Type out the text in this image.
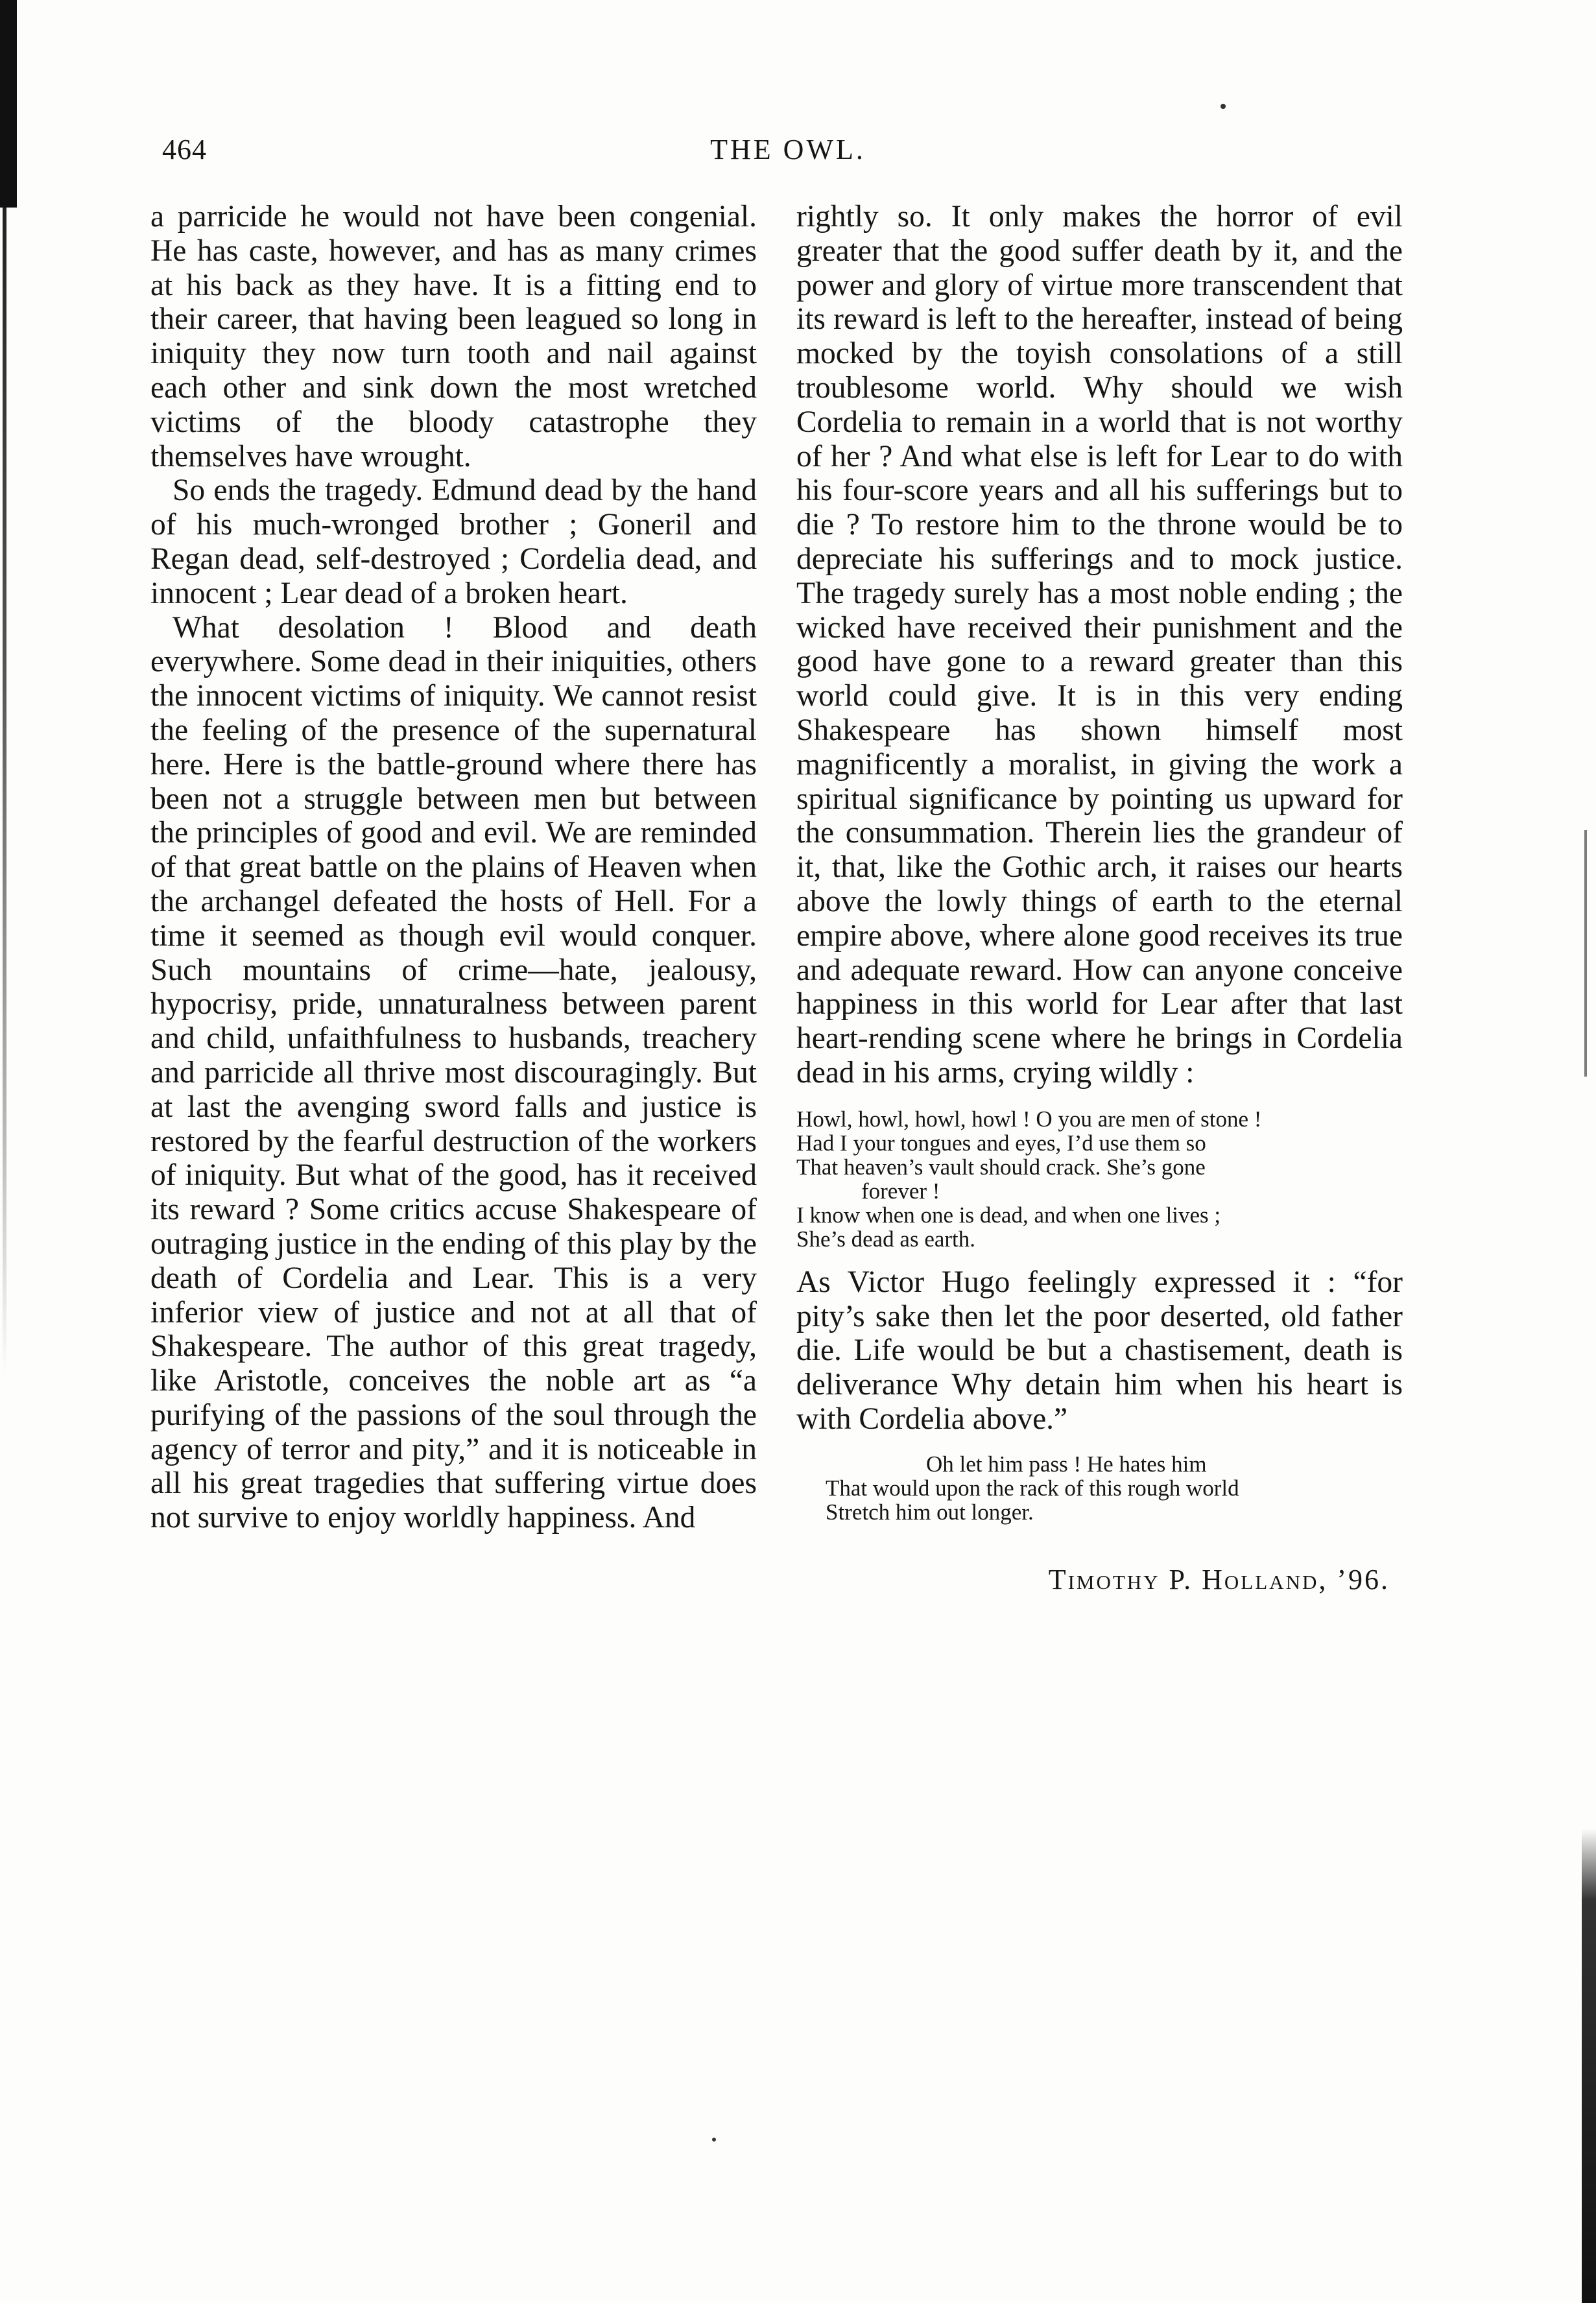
464	THE OWL.

a parricide he would not have been congenial. He has caste, however, and has as many crimes at his back as they have. It is a fitting end to their career, that having been leagued so long in iniquity they now turn tooth and nail against each other and sink down the most wretched victims of the bloody catastrophe they themselves have wrought.

So ends the tragedy. Edmund dead by the hand of his much-wronged brother ; Goneril and Regan dead, self-destroyed ; Cordelia dead, and innocent ; Lear dead of a broken heart.

What desolation ! Blood and death everywhere. Some dead in their iniquities, others the innocent victims of iniquity. We cannot resist the feeling of the presence of the supernatural here. Here is the battle-ground where there has been not a struggle between men but between the principles of good and evil. We are reminded of that great battle on the plains of Heaven when the archangel defeated the hosts of Hell. For a time it seemed as though evil would conquer. Such mountains of crime—hate, jealousy, hypocrisy, pride, unnaturalness between parent and child, unfaithfulness to husbands, treachery and parricide all thrive most discouragingly. But at last the avenging sword falls and justice is restored by the fearful destruction of the workers of iniquity. But what of the good, has it received its reward ? Some critics accuse Shakespeare of outraging justice in the ending of this play by the death of Cordelia and Lear. This is a very inferior view of justice and not at all that of Shakespeare. The author of this great tragedy, like Aristotle, conceives the noble art as “a purifying of the passions of the soul through the agency of terror and pity,” and it is noticeable in all his great tragedies that suffering virtue does not survive to enjoy worldly happiness. And

rightly so. It only makes the horror of evil greater that the good suffer death by it, and the power and glory of virtue more transcendent that its reward is left to the hereafter, instead of being mocked by the toyish consolations of a still troublesome world. Why should we wish Cordelia to remain in a world that is not worthy of her ? And what else is left for Lear to do with his four-score years and all his sufferings but to die ? To restore him to the throne would be to depreciate his sufferings and to mock justice. The tragedy surely has a most noble ending ; the wicked have received their punishment and the good have gone to a reward greater than this world could give. It is in this very ending Shakespeare has shown himself most magnificently a moralist, in giving the work a spiritual significance by pointing us upward for the consummation. Therein lies the grandeur of it, that, like the Gothic arch, it raises our hearts above the lowly things of earth to the eternal empire above, where alone good receives its true and adequate reward. How can anyone conceive happiness in this world for Lear after that last heart-rending scene where he brings in Cordelia dead in his arms, crying wildly :

Howl, howl, howl, howl ! O you are men of stone !
Had I your tongues and eyes, I’d use them so
That heaven’s vault should crack. She’s gone
forever !
I know when one is dead, and when one lives ;
She’s dead as earth.

As Victor Hugo feelingly expressed it : “for pity’s sake then let the poor deserted, old father die. Life would be but a chastisement, death is deliverance Why detain him when his heart is with Cordelia above.”

Oh let him pass ! He hates him
That would upon the rack of this rough world
Stretch him out longer.
Timothy P. Holland, ’96.
